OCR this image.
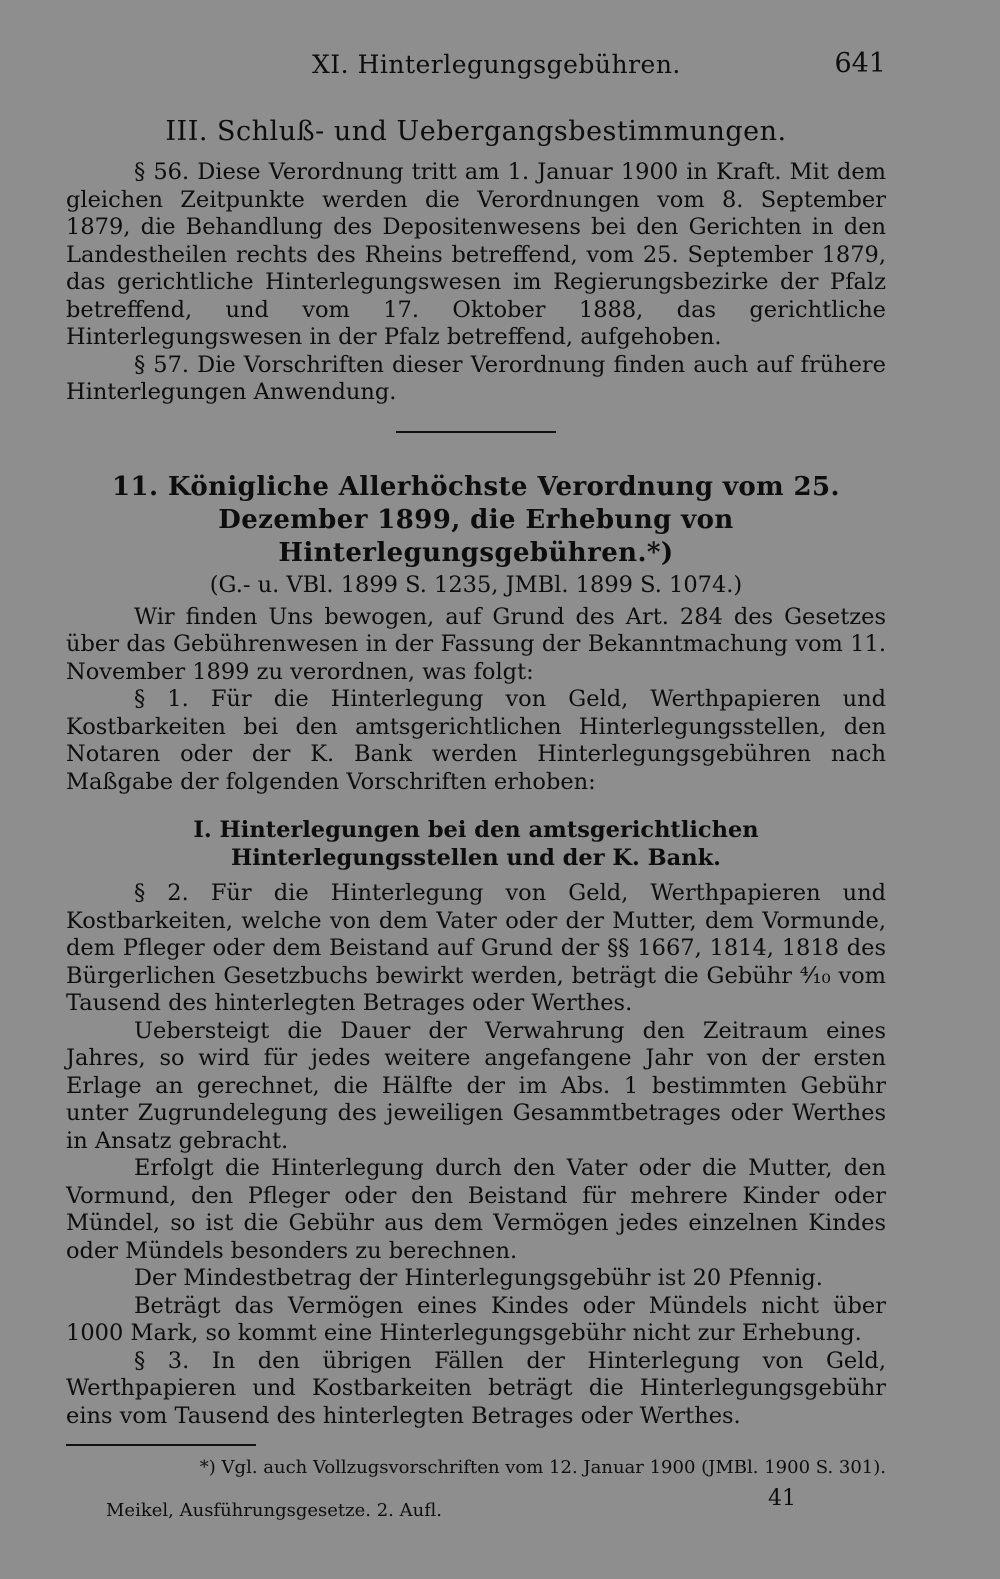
XI. Hinterlegungsgebühren.	641
III. Schluß- und Uebergangsbestimmungen.

§ 56. Diese Verordnung tritt am 1. Januar 1900 in Kraft. Mit dem gleichen Zeitpunkte werden die Verordnungen vom 8. September 1879, die Behandlung des Depositenwesens bei den Gerichten in den Landestheilen rechts des Rheins betreffend, vom 25. September 1879, das gerichtliche Hinterlegungswesen im Regierungsbezirke der Pfalz betreffend, und vom 17. Oktober 1888, das gerichtliche Hinterlegungswesen in der Pfalz betreffend, aufgehoben.

§ 57. Die Vorschriften dieser Verordnung finden auch auf frühere Hinterlegungen Anwendung.

11. Königliche Allerhöchste Verordnung vom 25. Dezember 1899, die Erhebung von Hinterlegungsgebühren.*)
(G.- u. VBl. 1899 S. 1235, JMBl. 1899 S. 1074.)

Wir finden Uns bewogen, auf Grund des Art. 284 des Gesetzes über das Gebührenwesen in der Fassung der Bekanntmachung vom 11. November 1899 zu verordnen, was folgt:

§ 1. Für die Hinterlegung von Geld, Werthpapieren und Kostbarkeiten bei den amtsgerichtlichen Hinterlegungsstellen, den Notaren oder der K. Bank werden Hinterlegungsgebühren nach Maßgabe der folgenden Vorschriften erhoben:

I. Hinterlegungen bei den amtsgerichtlichen Hinterlegungsstellen und der K. Bank.

§ 2. Für die Hinterlegung von Geld, Werthpapieren und Kostbarkeiten, welche von dem Vater oder der Mutter, dem Vormunde, dem Pfleger oder dem Beistand auf Grund der §§ 1667, 1814, 1818 des Bürgerlichen Gesetzbuchs bewirkt werden, beträgt die Gebühr ⁴⁄₁₀ vom Tausend des hinterlegten Betrages oder Werthes.

Uebersteigt die Dauer der Verwahrung den Zeitraum eines Jahres, so wird für jedes weitere angefangene Jahr von der ersten Erlage an gerechnet, die Hälfte der im Abs. 1 bestimmten Gebühr unter Zugrundelegung des jeweiligen Gesammtbetrages oder Werthes in Ansatz gebracht.

Erfolgt die Hinterlegung durch den Vater oder die Mutter, den Vormund, den Pfleger oder den Beistand für mehrere Kinder oder Mündel, so ist die Gebühr aus dem Vermögen jedes einzelnen Kindes oder Mündels besonders zu berechnen.

Der Mindestbetrag der Hinterlegungsgebühr ist 20 Pfennig.

Beträgt das Vermögen eines Kindes oder Mündels nicht über 1000 Mark, so kommt eine Hinterlegungsgebühr nicht zur Erhebung.

§ 3. In den übrigen Fällen der Hinterlegung von Geld, Werthpapieren und Kostbarkeiten beträgt die Hinterlegungsgebühr eins vom Tausend des hinterlegten Betrages oder Werthes.

*) Vgl. auch Vollzugsvorschriften vom 12. Januar 1900 (JMBl. 1900 S. 301).
Meikel, Ausführungsgesetze. 2. Aufl.	41
